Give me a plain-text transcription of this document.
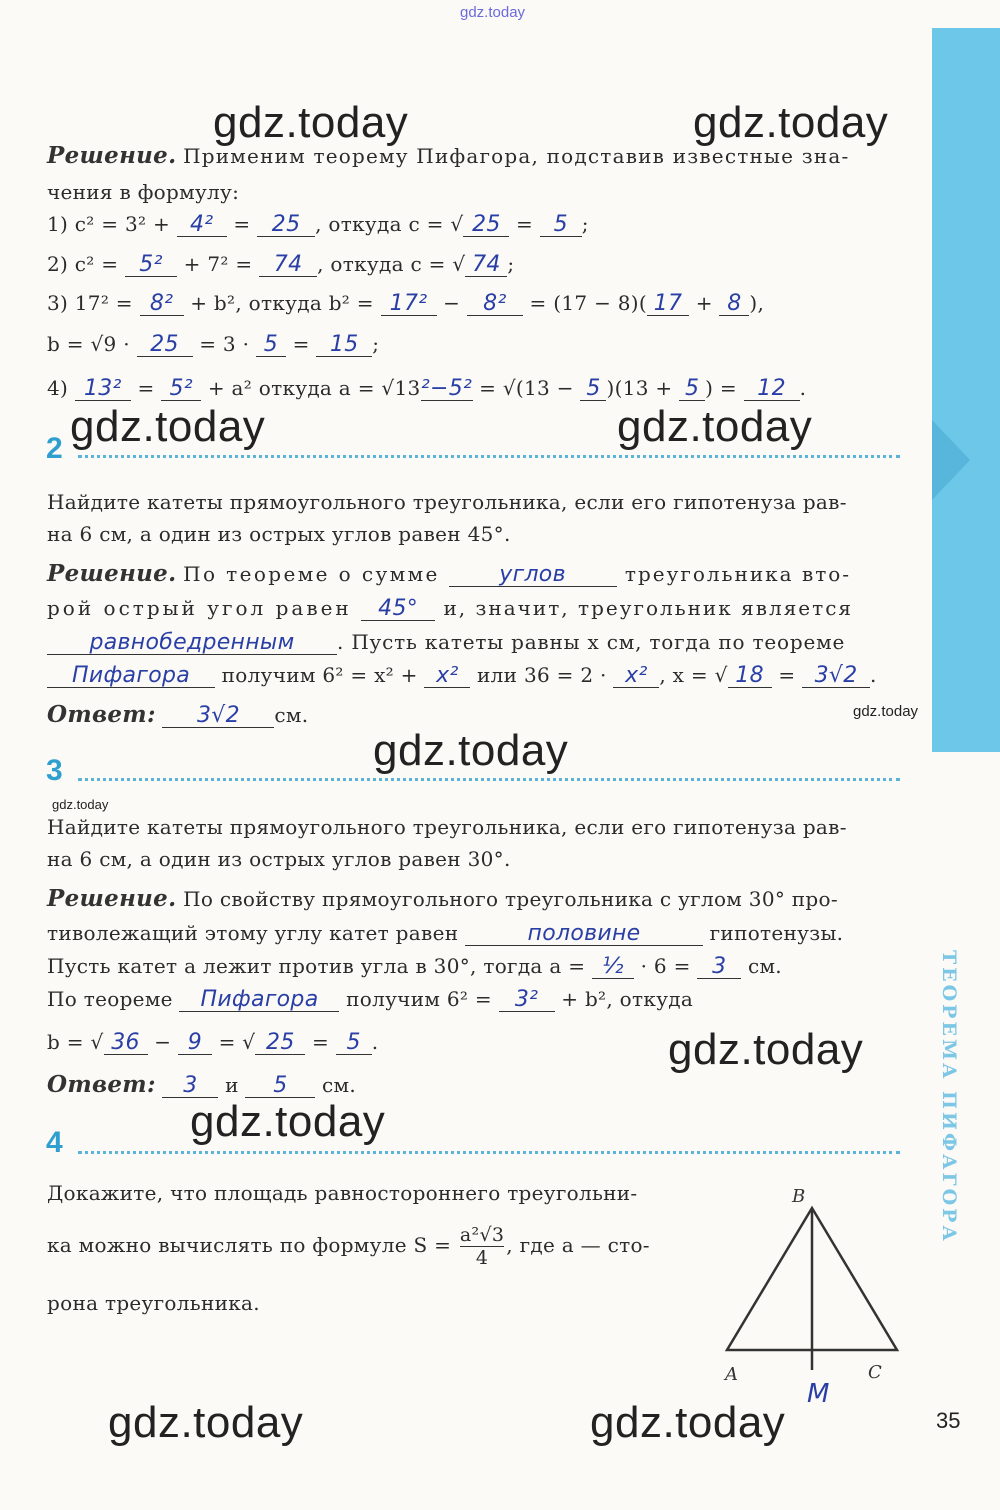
gdz.today
gdz.today	gdz.today
gdz.today	gdz.today
gdz.today
gdz.today
gdz.today
gdz.today	gdz.today
gdz.today
gdz.today
ТЕОРЕМА ПИФАГОРА
35
Решение. Применим теорему Пифагора, подставив известные зна-
чения в формулу:
1) c² = 3² + 4² = 25 , откуда c = √ 25 = 5 ;
2) c² = 5² + 7² = 74 , откуда c = √ 74 ;
3) 17² = 8² + b², откуда b² = 17² − 8² = (17 − 8)( 17 + 8 ),
b = √9 · 25 = 3 · 5 = 15 ;
4) 13² = 5² + a² откуда a = √13²−5² = √(13 − 5 )(13 + 5 ) = 12 .
2
Найдите катеты прямоугольного треугольника, если его гипотенуза рав-
на 6 см, а один из острых углов равен 45°.
Решение. По теореме о сумме углов	треугольника вто-
рой острый угол равен 45° и, значит, треугольник является
равнобедренным . Пусть катеты равны x см, тогда по теореме
Пифагора получим 6² = x² + x² или 36 = 2 · x² , x = √ 18 = 3√2 .
Ответ: 3√2 см.
3
Найдите катеты прямоугольного треугольника, если его гипотенуза рав-
на 6 см, а один из острых углов равен 30°.
Решение. По свойству прямоугольного треугольника с углом 30° про-
тиволежащий этому углу катет равен	половине	гипотенузы.
Пусть катет a лежит против угла в 30°, тогда a = ½ · 6 = 3 см.
По теореме Пифагора получим 6² = 3² + b², откуда
b = √ 36 − 9 = √ 25 = 5 .
Ответ: 3 и 5 см.
4
Докажите, что площадь равностороннего треугольни-
ка можно вычислять по формуле $S = \frac{\text{a²√3}}{4}$ , где a — сто-
рона треугольника.
B
A	C
M
